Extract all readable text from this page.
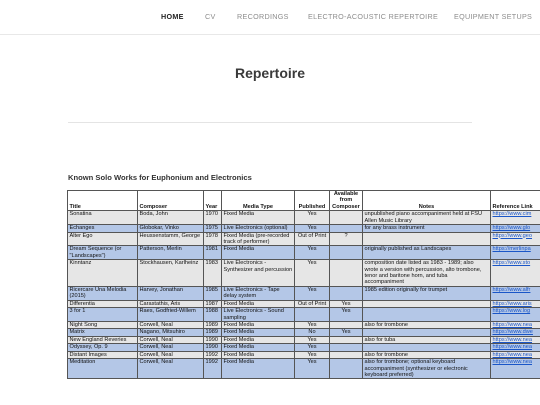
HOME	CV	RECORDINGS	ELECTRO-ACOUSTIC REPERTOIRE EQUIPMENT SETUPS
Repertoire
Known Solo Works for Euphonium and Electronics
Title	Composer	Year	Media Type	Published	Available from Composer	Notes	Reference Link
Sonatina	Boda, John	1970	Fixed Media	Yes		unpublished piano accompaniment held at FSU Allen Music Library	https://www.cim
Echanges	Globokar, Vinko	1975	Live Electronics (optional)	Yes		for any brass instrument	https://www.glo
Alter Ego	Heussenstamm, George	1978	Fixed Media (pre-recorded track of performer)	Out of Print	?		https://www.geo
Dream Sequence (or "Landscapes")	Patterson, Merlin	1981	Fixed Media	Yes		originally published as Landscapes	https://merlinpa
Kinntanz	Stockhausen, Karlheinz	1983	Live Electronics - Synthesizer and percussion	Yes		composition date listed as 1983 - 1989; also wrote a version with percussion, alto trombone, tenor and baritone horn, and tuba accompaniment	https://www.sto
Ricercare Una Melodia (2015)	Harvey, Jonathan	1985	Live Electronics - Tape delay system	Yes		1985 edition originally for trumpet	https://www.alfr
Differentia	Carastathis, Aris	1987	Fixed Media	Out of Print	Yes		https://www.aris
3 for 1	Raes, Godfried-Willem	1988	Live Electronics - Sound sampling		Yes		https://www.log
Night Song	Corwell, Neal	1989	Fixed Media	Yes		also for trombone	https://www.nea
Matrix	Nagano, Mitsuhiro	1989	Fixed Media	No	Yes		https://www.dwe
New England Reveries	Corwell, Neal	1990	Fixed Media	Yes		also for tuba	https://www.nea
Odyssey, Op. 9	Corwell, Neal	1990	Fixed Media	Yes			https://www.nea
Distant Images	Corwell, Neal	1992	Fixed Media	Yes		also for trombone	https://www.nea
Meditation	Corwell, Neal	1992	Fixed Media	Yes		also for trombone; optional keyboard accompaniment (synthesizer or electronic keyboard preferred)	https://www.nea
